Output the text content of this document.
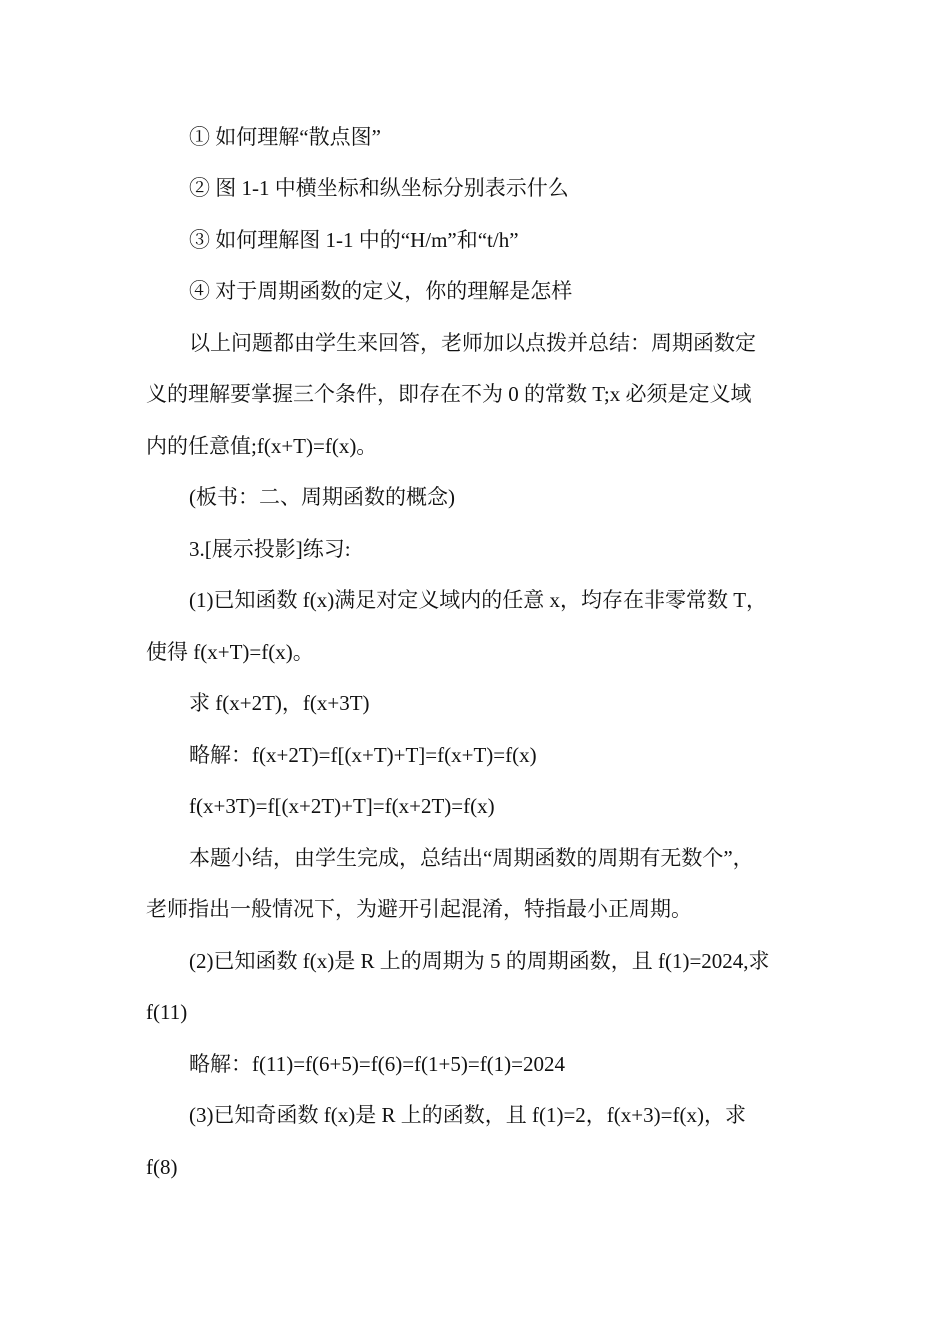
① 如何理解“散点图”
② 图 1-1 中横坐标和纵坐标分别表示什么
③ 如何理解图 1-1 中的“H/m”和“t/h”
④ 对于周期函数的定义，你的理解是怎样
以上问题都由学生来回答，老师加以点拨并总结：周期函数定
义的理解要掌握三个条件，即存在不为 0 的常数 T;x 必须是定义域
内的任意值;f(x+T)=f(x)。
(板书：二、周期函数的概念)
3.[展示投影]练习:
(1)已知函数 f(x)满足对定义域内的任意 x，均存在非零常数 T，
使得 f(x+T)=f(x)。
求 f(x+2T)，f(x+3T)
略解：f(x+2T)=f[(x+T)+T]=f(x+T)=f(x)
f(x+3T)=f[(x+2T)+T]=f(x+2T)=f(x)
本题小结，由学生完成，总结出“周期函数的周期有无数个”，
老师指出一般情况下，为避开引起混淆，特指最小正周期。
(2)已知函数 f(x)是 R 上的周期为 5 的周期函数，且 f(1)=2024,求
f(11)
略解：f(11)=f(6+5)=f(6)=f(1+5)=f(1)=2024
(3)已知奇函数 f(x)是 R 上的函数，且 f(1)=2，f(x+3)=f(x)，求
f(8)
